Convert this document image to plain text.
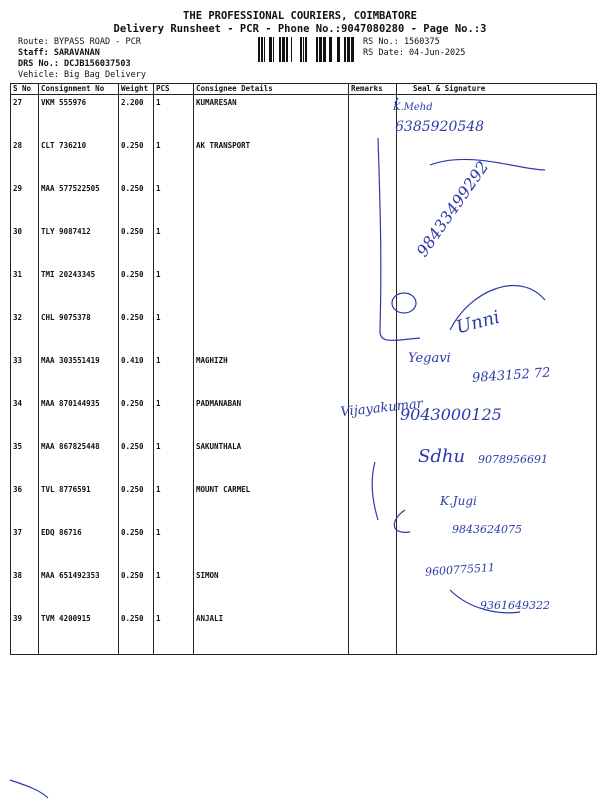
THE PROFESSIONAL COURIERS, COIMBATORE
Delivery Runsheet - PCR - Phone No.:9047080280 - Page No.:3
Route: BYPASS ROAD - PCR
Staff: SARAVANAN
DRS No.: DCJB156037503
Vehicle: Big Bag Delivery
RS No.: 1560375
RS Date: 04-Jun-2025
S No	Consignment No	Weight	PCS	Consignee Details	Remarks	Seal & Signature
27	VKM 555976	2.200	1	KUMARESAN		
28	CLT 736210	0.250	1	AK TRANSPORT		
29	MAA 577522505	0.250	1			
30	TLY 9087412	0.250	1			
31	TMI 20243345	0.250	1			
32	CHL 9075378	0.250	1			
33	MAA 303551419	0.410	1	MAGHIZH		
34	MAA 870144935	0.250	1	PADMANABAN		
35	MAA 867825448	0.250	1	SAKUNTHALA		
36	TVL 8776591	0.250	1	MOUNT CARMEL		
37	EDQ 86716	0.250	1			
38	MAA 651492353	0.250	1	SIMON		
39	TVM 4200915	0.250	1	ANJALI		
K.Mehd
6385920548
98433499292
Unni
Yegavi
9843152 72
Vijayakumar
9043000125
Sdhu 9078956691
K.Jugi
9843624075
9600775511
9361649322
